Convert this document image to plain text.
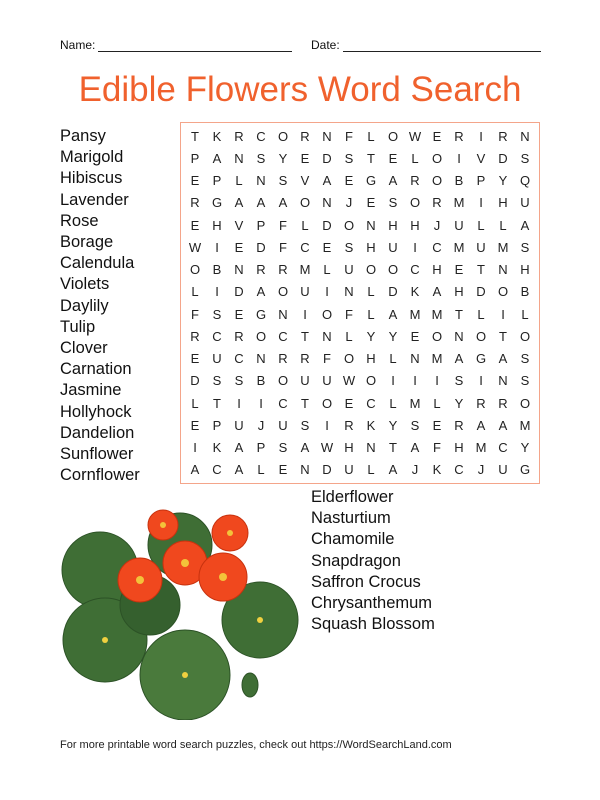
Name:	Date:
Edible Flowers Word Search
Pansy
Marigold
Hibiscus
Lavender
Rose
Borage
Calendula
Violets
Daylily
Tulip
Clover
Carnation
Jasmine
Hollyhock
Dandelion
Sunflower
Cornflower
Elderflower
Nasturtium
Chamomile
Snapdragon
Saffron Crocus
Chrysanthemum
Squash Blossom
T	K R C O R N	F	L	O W E R	I	R N
P	A N S	Y	E D S	T	E	L	O	I	V D S
E	P	L	N S	V	A	E G A R O B	P	Y Q
R G A	A	A O N	J	E	S O R M	I	H U
E H V	P	F	L	D O N H H	J	U	L	L	A
W	I	E D	F	C E	S H U	I	C M U M S
O B N R R M L	U O O C H E	T	N H
L	I	D A O U	I	N	L	D K	A H D O B
F	S	E G N	I	O F	L	A M M T	L	I	L
R C R O C	T	N	L	Y	Y	E O N O T O
E U C N R R	F O H	L	N M A G A	S
D S	S	B O U U W O	I	I	I	S	I	N S
L	T	I	I	C	T O E C	L M L	Y R R O
E	P U	J	U S	I	R K	Y	S	E R A	A M
I	K	A	P	S	A W H N	T	A	F	H M C Y
A C A	L	E N D U	L	A	J	K C	J	U G
For more printable word search puzzles, check out https://WordSearchLand.com
